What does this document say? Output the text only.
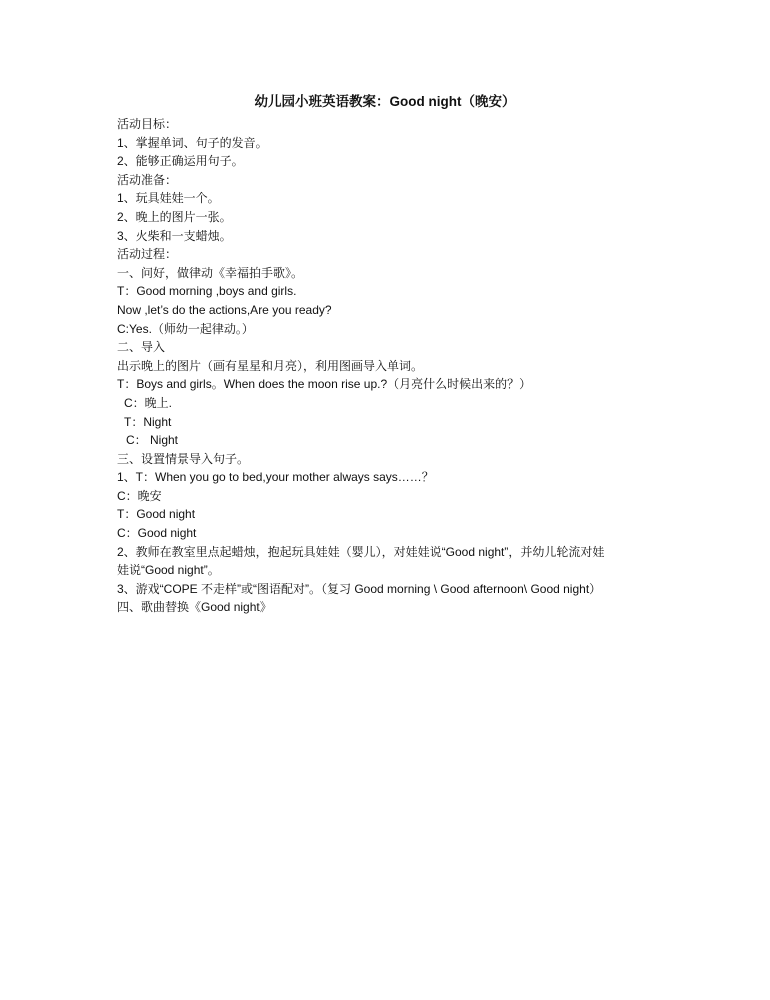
幼儿园小班英语教案：Good night（晚安）
活动目标：
1、掌握单词、句子的发音。
2、能够正确运用句子。
活动准备：
1、玩具娃娃一个。
2、晚上的图片一张。
3、火柴和一支蜡烛。
活动过程：
一、问好，做律动《幸福拍手歌》。
T：Good morning ,boys and girls.
Now ,let’s do the actions,Are you ready?
C:Yes.（师幼一起律动。）
二、导入
出示晚上的图片（画有星星和月亮），利用图画导入单词。
T：Boys and girls。When does the moon rise up.?（月亮什么时候出来的？）
C：晚上.
T：Night
C： Night
三、设置情景导入句子。
1、T：When you go to bed,your mother always says……？
C：晚安
T：Good night
C：Good night
2、教师在教室里点起蜡烛，抱起玩具娃娃（婴儿），对娃娃说“Good night”，并幼儿轮流对娃
娃说“Good night”。
3、游戏“COPE 不走样”或“图语配对”。（复习 Good morning \ Good afternoon\ Good night）
四、歌曲替换《Good night》
